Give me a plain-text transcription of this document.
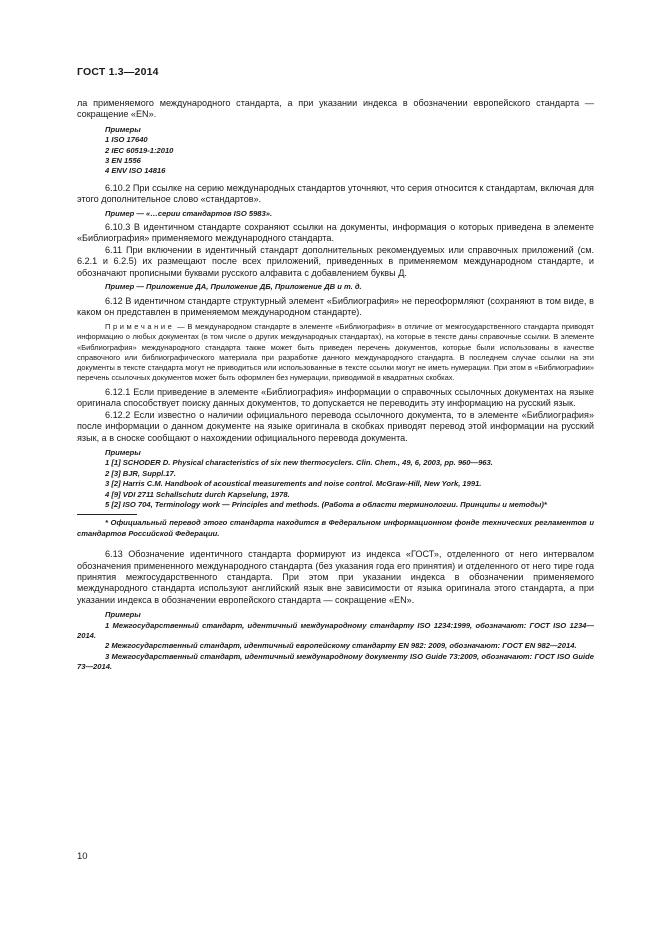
ГОСТ 1.3—2014

ла применяемого международного стандарта, а при указании индекса в обозначении европейского стандарта — сокращение «EN».

Примеры
1 ISO 17640
2 IEC 60519-1:2010
3 EN 1556
4 ENV ISO 14816

6.10.2 При ссылке на серию международных стандартов уточняют, что серия относится к стандартам, включая для этого дополнительное слово «стандартов».

Пример — «…серии стандартов ISO 5983».

6.10.3 В идентичном стандарте сохраняют ссылки на документы, информация о которых приведена в элементе «Библиография» применяемого международного стандарта.

6.11 При включении в идентичный стандарт дополнительных рекомендуемых или справочных приложений (см. 6.2.1 и 6.2.5) их размещают после всех приложений, приведенных в применяемом международном стандарте, и обозначают прописными буквами русского алфавита с добавлением буквы Д.

Пример — Приложение ДА, Приложение ДБ, Приложение ДВ и т. д.

6.12 В идентичном стандарте структурный элемент «Библиография» не переоформляют (сохраняют в том виде, в каком он представлен в применяемом международном стандарте).

Примечание — В международном стандарте в элементе «Библиография» в отличие от межгосударственного стандарта приводят информацию о любых документах (в том числе о других международных стандартах), на которые в тексте даны справочные ссылки. В элементе «Библиография» международного стандарта также может быть приведен перечень документов, которые были использованы в качестве справочного или библиографического материала при разработке данного международного стандарта. В последнем случае ссылки на эти документы в тексте стандарта могут не приводиться или использованные в тексте ссылки могут не иметь нумерации. При этом в «Библиографии» перечень ссылочных документов может быть оформлен без нумерации, приводимой в квадратных скобках.

6.12.1 Если приведение в элементе «Библиография» информации о справочных ссылочных документах на языке оригинала способствует поиску данных документов, то допускается не переводить эту информацию на русский язык.

6.12.2 Если известно о наличии официального перевода ссылочного документа, то в элементе «Библиография» после информации о данном документе на языке оригинала в скобках приводят перевод этой информации на русский язык, а в сноске сообщают о нахождении официального перевода документа.

Примеры

1 [1] SCHODER D. Physical characteristics of six new thermocyclers. Clin. Chem., 49, 6, 2003, pp. 960—963.

2 [3] BJR, Suppl.17.

3 [2] Harris C.M. Handbook of acoustical measurements and noise control. McGraw-Hill, New York, 1991.

4 [9] VDI 2711 Schallschutz durch Kapselung, 1978.

5 [2] ISO 704, Terminology work — Principles and methods. (Работа в области терминологии. Принципы и методы)*

* Официальный перевод этого стандарта находится в Федеральном информационном фонде технических регламентов и стандартов Российской Федерации.

6.13 Обозначение идентичного стандарта формируют из индекса «ГОСТ», отделенного от него интервалом обозначения примененного международного стандарта (без указания года его принятия) и отделенного от него тире года принятия межгосударственного стандарта. При этом при указании индекса в обозначении применяемого международного стандарта используют английский язык вне зависимости от языка оригинала этого стандарта, а при указании индекса в обозначении европейского стандарта — сокращение «EN».

Примеры

1 Межгосударственный стандарт, идентичный международному стандарту ISO 1234:1999, обозначают: ГОСТ ISO 1234—2014.

2 Межгосударственный стандарт, идентичный европейскому стандарту EN 982: 2009, обозначают: ГОСТ EN 982—2014.

3 Межгосударственный стандарт, идентичный международному документу ISO Guide 73:2009, обозначают: ГОСТ ISO Guide 73—2014.

10
